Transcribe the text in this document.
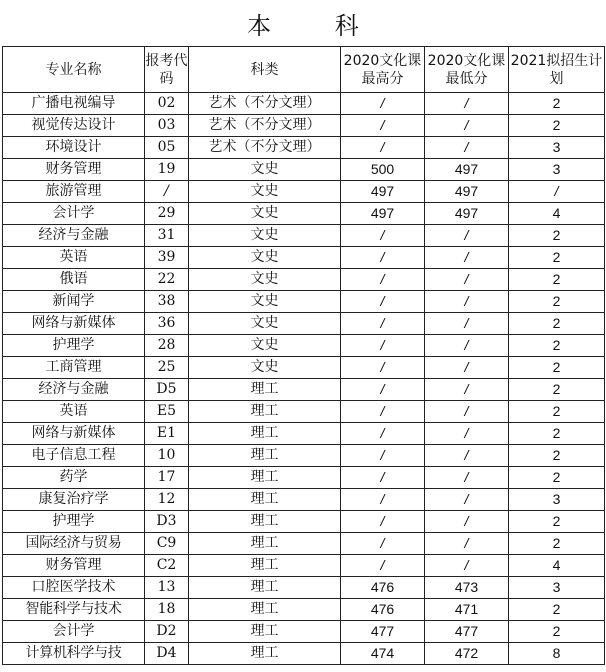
本 科
专业名称	报考代码	科类	2020文化课最高分	2020文化课最低分	2021拟招生计划
广播电视编导	02	艺术（不分文理）	/	/	2
视觉传达设计	03	艺术（不分文理）	/	/	2
环境设计	05	艺术（不分文理）	/	/	3
财务管理	19	文史	500	497	3
旅游管理	/	文史	497	497	/
会计学	29	文史	497	497	4
经济与金融	31	文史	/	/	2
英语	39	文史	/	/	2
俄语	22	文史	/	/	2
新闻学	38	文史	/	/	2
网络与新媒体	36	文史	/	/	2
护理学	28	文史	/	/	2
工商管理	25	文史	/	/	2
经济与金融	D5	理工	/	/	2
英语	E5	理工	/	/	2
网络与新媒体	E1	理工	/	/	2
电子信息工程	10	理工	/	/	2
药学	17	理工	/	/	2
康复治疗学	12	理工	/	/	3
护理学	D3	理工	/	/	2
国际经济与贸易	C9	理工	/	/	2
财务管理	C2	理工	/	/	4
口腔医学技术	13	理工	476	473	3
智能科学与技术	18	理工	476	471	2
会计学	D2	理工	477	477	2
计算机科学与技	D4	理工	474	472	8
